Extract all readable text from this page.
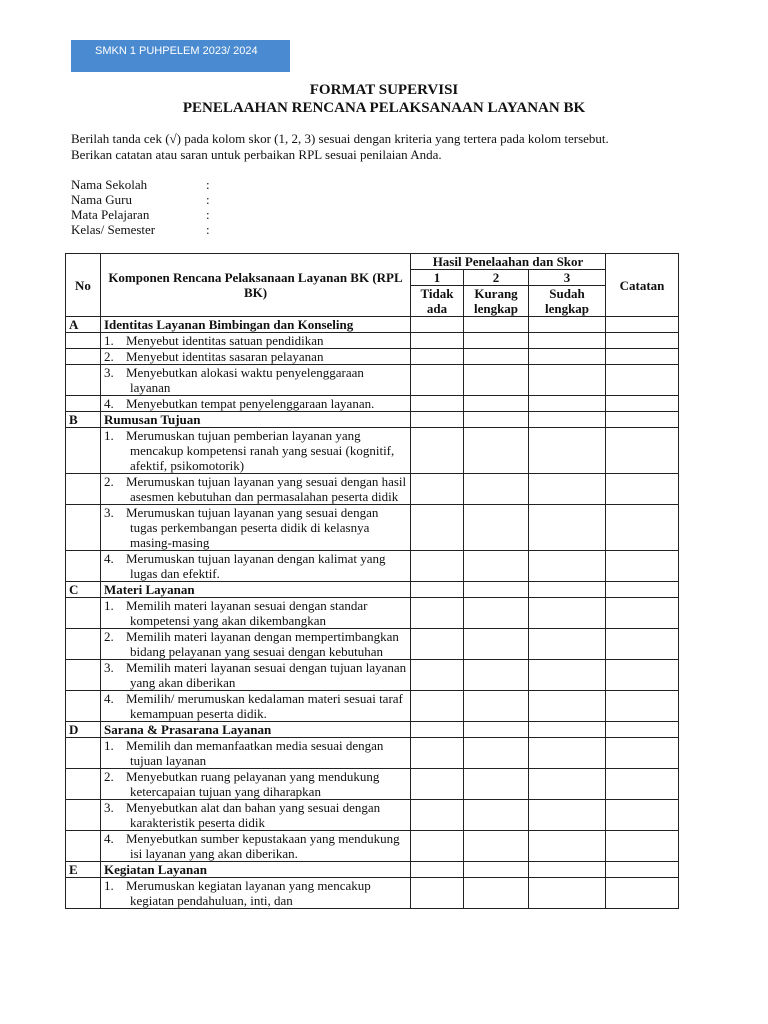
SMKN 1 PUHPELEM 2023/ 2024
FORMAT SUPERVISI
PENELAAHAN RENCANA PELAKSANAAN LAYANAN BK
Berilah tanda cek (√) pada kolom skor (1, 2, 3) sesuai dengan kriteria yang tertera pada kolom tersebut.
Berikan catatan atau saran untuk perbaikan RPL sesuai penilaian Anda.
Nama Sekolah	:
Nama Guru	:
Mata Pelajaran	:
Kelas/ Semester	:
No	Komponen Rencana Pelaksanaan Layanan BK (RPL BK)	Hasil Penelaahan dan Skor			Catatan
		1	2	3	
		Tidak ada	Kurang lengkap	Sudah lengkap	
A	Identitas Layanan Bimbingan dan Konseling				
	1. Menyebut identitas satuan pendidikan				
	2. Menyebut identitas sasaran pelayanan				
	3. Menyebutkan alokasi waktu penyelenggaraan layanan				
	4. Menyebutkan tempat penyelenggaraan layanan.				
B	Rumusan Tujuan				
	1. Merumuskan tujuan pemberian layanan yang mencakup kompetensi ranah yang sesuai (kognitif, afektif, psikomotorik)				
	2. Merumuskan tujuan layanan yang sesuai dengan hasil asesmen kebutuhan dan permasalahan peserta didik				
	3. Merumuskan tujuan layanan yang sesuai dengan tugas perkembangan peserta didik di kelasnya masing-masing				
	4. Merumuskan tujuan layanan dengan kalimat yang lugas dan efektif.				
C	Materi Layanan				
	1. Memilih materi layanan sesuai dengan standar kompetensi yang akan dikembangkan				
	2. Memilih materi layanan dengan mempertimbangkan bidang pelayanan yang sesuai dengan kebutuhan				
	3. Memilih materi layanan sesuai dengan tujuan layanan yang akan diberikan				
	4. Memilih/ merumuskan kedalaman materi sesuai taraf kemampuan peserta didik.				
D	Sarana & Prasarana Layanan				
	1. Memilih dan memanfaatkan media sesuai dengan tujuan layanan				
	2. Menyebutkan ruang pelayanan yang mendukung ketercapaian tujuan yang diharapkan				
	3. Menyebutkan alat dan bahan yang sesuai dengan karakteristik peserta didik				
	4. Menyebutkan sumber kepustakaan yang mendukung isi layanan yang akan diberikan.				
E	Kegiatan Layanan				
	1. Merumuskan kegiatan layanan yang mencakup kegiatan pendahuluan, inti, dan				
